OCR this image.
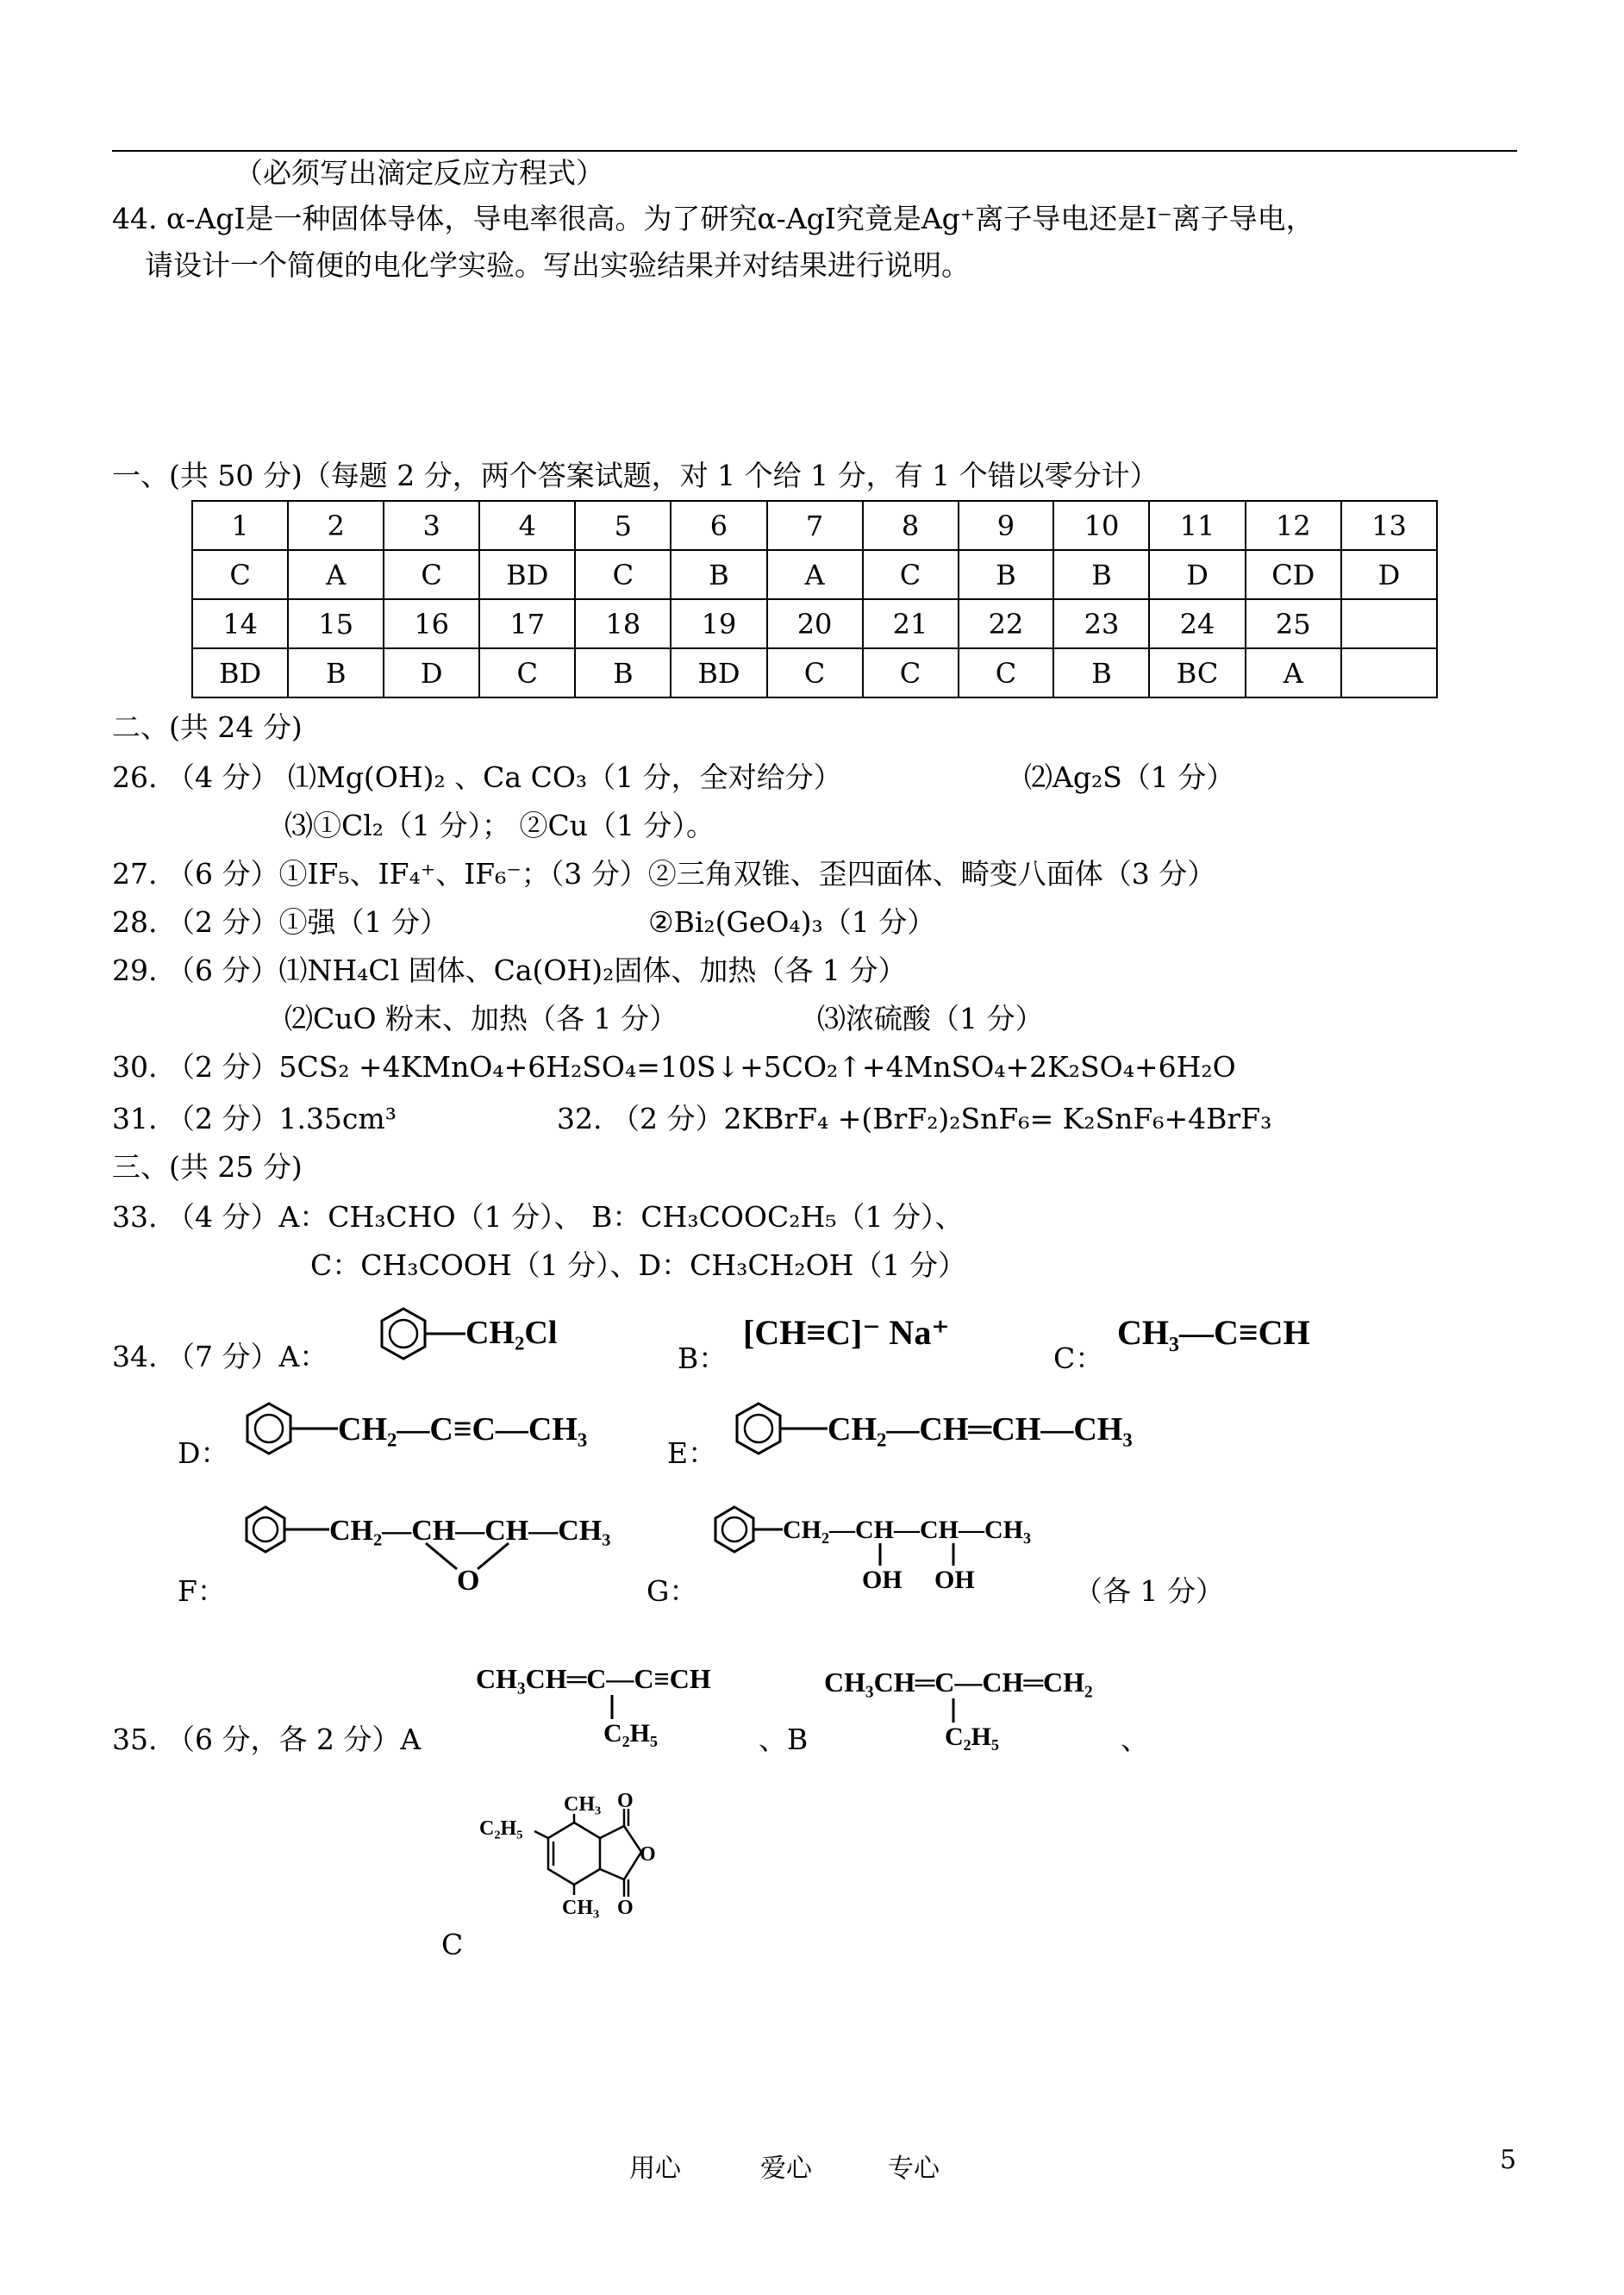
（必须写出滴定反应方程式）
44. α-AgI是一种固体导体，导电率很高。为了研究α-AgI究竟是Ag⁺离子导电还是I⁻离子导电，
请设计一个简便的电化学实验。写出实验结果并对结果进行说明。
一、(共 50 分)（每题 2 分，两个答案试题，对 1 个给 1 分，有 1 个错以零分计）
1	2	3	4	5	6	7	8	9	10	11	12	13
C	A	C	BD	C	B	A	C	B	B	D	CD	D
14	15	16	17	18	19	20	21	22	23	24	25	
BD	B	D	C	B	BD	C	C	C	B	BC	A	
二、(共 24 分)
26. （4 分） ⑴Mg(OH)₂ 、Ca CO₃（1 分，全对给分）	⑵Ag₂S（1 分）
⑶①Cl₂（1 分）； ②Cu（1 分）。
27. （6 分）①IF₅、IF₄⁺、IF₆⁻；（3 分）②三角双锥、歪四面体、畸变八面体（3 分）
28. （2 分）①强（1 分）	②Bi₂(GeO₄)₃（1 分）
29. （6 分）⑴NH₄Cl 固体、Ca(OH)₂固体、加热（各 1 分）
⑵CuO 粉末、加热（各 1 分）	⑶浓硫酸（1 分）
30. （2 分）5CS₂ +4KMnO₄+6H₂SO₄=10S↓+5CO₂↑+4MnSO₄+2K₂SO₄+6H₂O
31. （2 分）1.35cm³	32. （2 分）2KBrF₄ +(BrF₂)₂SnF₆= K₂SnF₆+4BrF₃
三、(共 25 分)
33. （4 分）A：CH₃CHO（1 分）、 B：CH₃COOC₂H₅（1 分）、
C：CH₃COOH（1 分）、D：CH₃CH₂OH（1 分）
34. （7 分）A：	B：	C：
D：	E：
F：	G：	（各 1 分）
CH₂Cl	[CH≡C]⁻ Na⁺	CH₃—C≡CH
CH₂—C≡C—CH₃	CH₂—CH═CH—CH₃
CH₂—CH—CH—CH₃
O
CH₂—CH—CH—CH₃
OH OH
35. （6 分，各 2 分）A	、B	、
CH₃CH═C—C≡CH
C₂H₅
CH₃CH═C—CH═CH₂
C₂H₅
C
CH₃
CH₃
C₂H₅
O
O
O
用心	爱心	专心	5
